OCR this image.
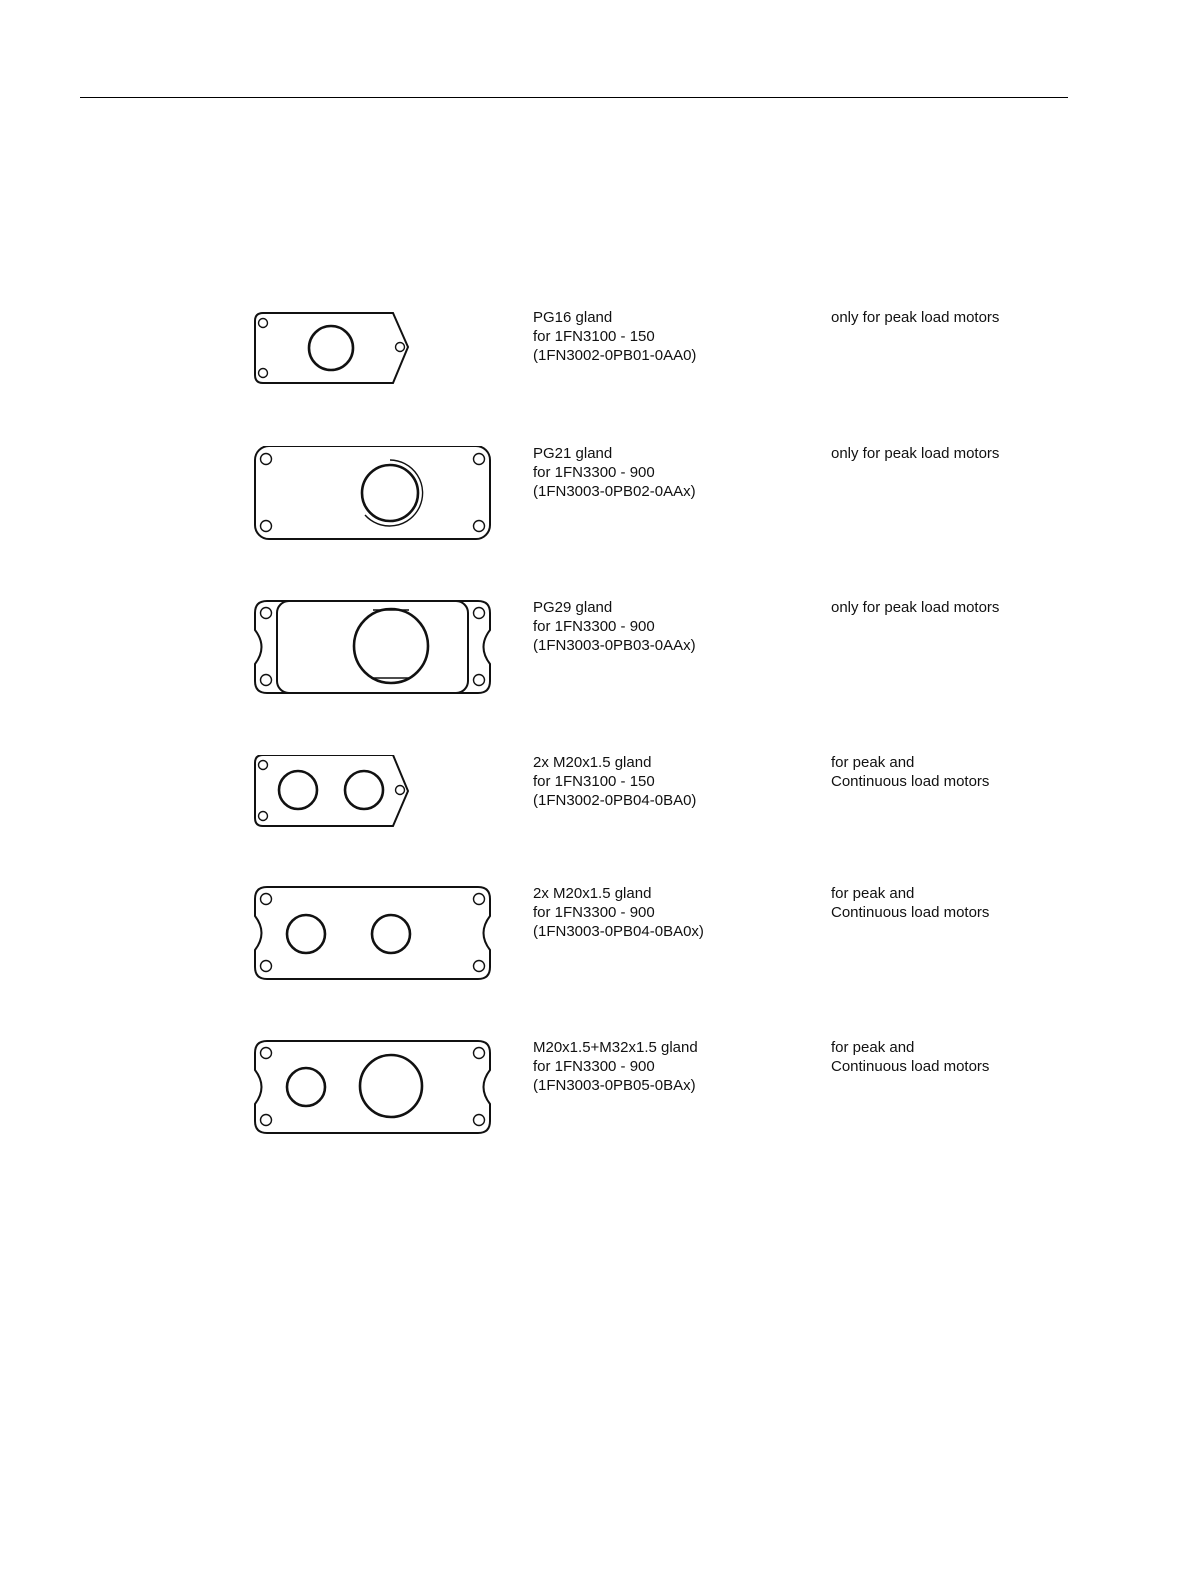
PG16 gland
for 1FN3100 - 150
(1FN3002-0PB01-0AA0)
only for peak load motors
PG21 gland
for 1FN3300 - 900
(1FN3003-0PB02-0AAx)
only for peak load motors
PG29 gland
for 1FN3300 - 900
(1FN3003-0PB03-0AAx)
only for peak load motors
2x M20x1.5 gland
for 1FN3100 - 150
(1FN3002-0PB04-0BA0)
for peak and
Continuous load motors
2x M20x1.5 gland
for 1FN3300 - 900
(1FN3003-0PB04-0BA0x)
for peak and
Continuous load motors
M20x1.5+M32x1.5 gland
for 1FN3300 - 900
(1FN3003-0PB05-0BAx)
for peak and
Continuous load motors
